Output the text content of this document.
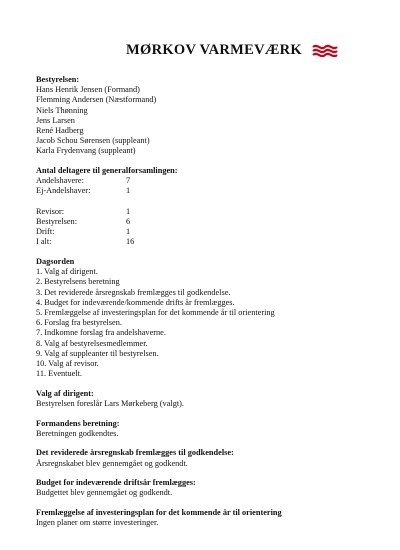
MØRKOV VARMEVÆRK
Bestyrelsen:
Hans Henrik Jensen (Formand)
Flemming Andersen (Næstformand)
Niels Thønning
Jens Larsen
René Hadberg
Jacob Schou Sørensen (suppleant)
Karla Frydenvang (suppleant)
Antal deltagere til generalforsamlingen:
Andelshavere:	7
Ej-Andelshaver:	1
Revisor:	1
Bestyrelsen:	6
Drift:	1
I alt:	16
Dagsorden
1. Valg af dirigent.
2. Bestyrelsens beretning
3. Det reviderede årsregnskab fremlægges til godkendelse.
4. Budget for indeværende/kommende drifts år fremlægges.
5. Fremlæggelse af investeringsplan for det kommende år til orientering
6. Forslag fra bestyrelsen.
7. Indkomne forslag fra andelshaverne.
8. Valg af bestyrelsesmedlemmer.
9. Valg af suppleanter til bestyrelsen.
10. Valg af revisor.
11. Eventuelt.
Valg af dirigent:
Bestyrelsen foreslår Lars Mørkeberg (valgt).
Formandens beretning:
Beretningen godkendtes.
Det reviderede årsregnskab fremlægges til godkendelse:
Årsregnskabet blev gennemgået og godkendt.
Budget for indeværende driftsår fremlægges:
Budgettet blev gennemgået og godkendt.
Fremlæggelse af investeringsplan for det kommende år til orientering
Ingen planer om større investeringer.
